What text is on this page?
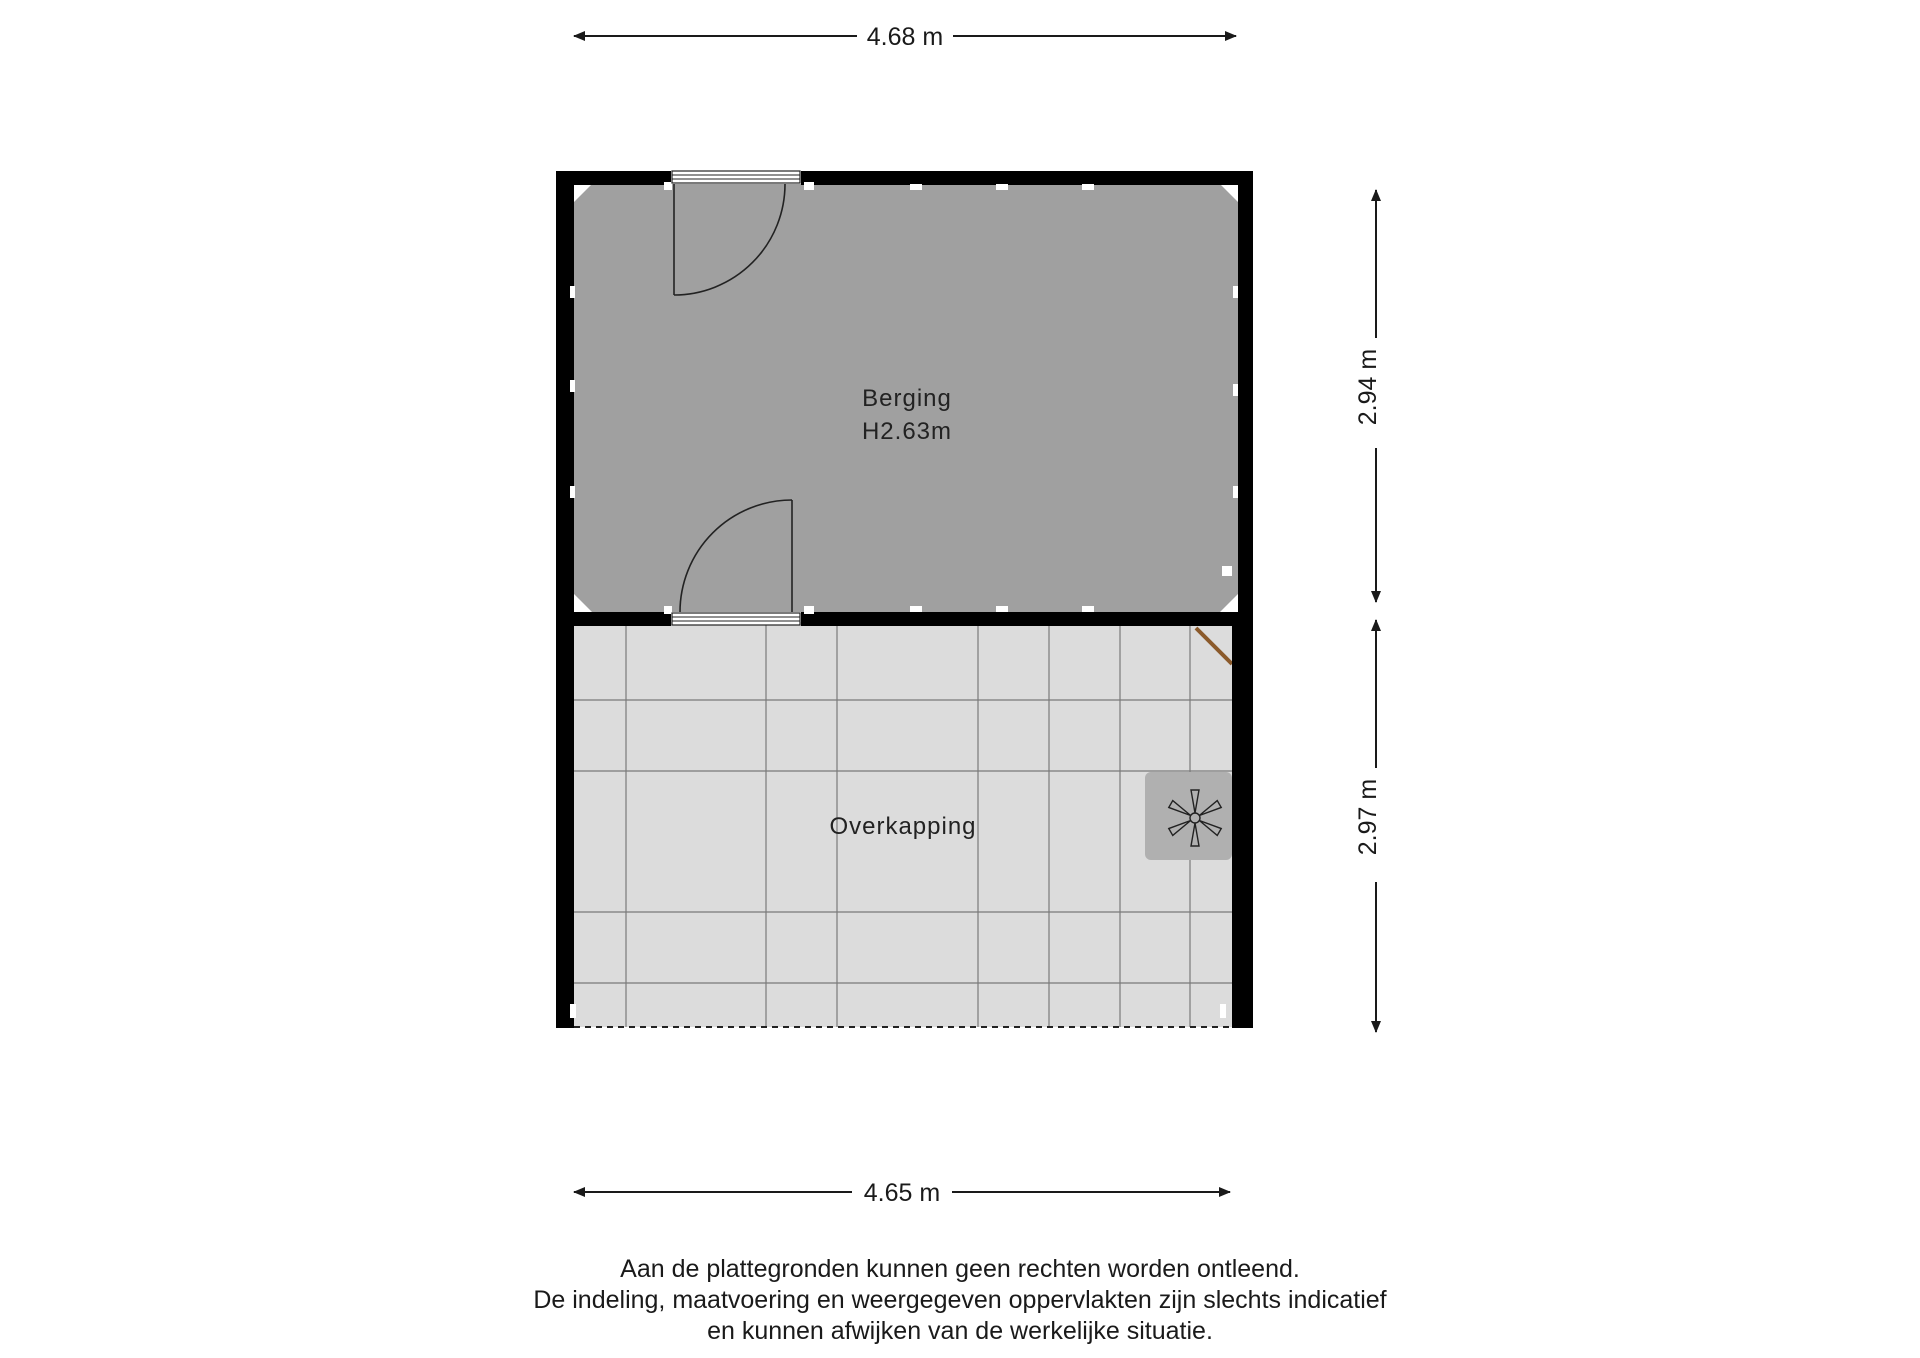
4.68 m
2.94 m
2.97 m
Overkapping
Berging
H2.63m
4.65 m
Aan de plattegronden kunnen geen rechten worden ontleend.
De indeling, maatvoering en weergegeven oppervlakten zijn slechts indicatief
en kunnen afwijken van de werkelijke situatie.
